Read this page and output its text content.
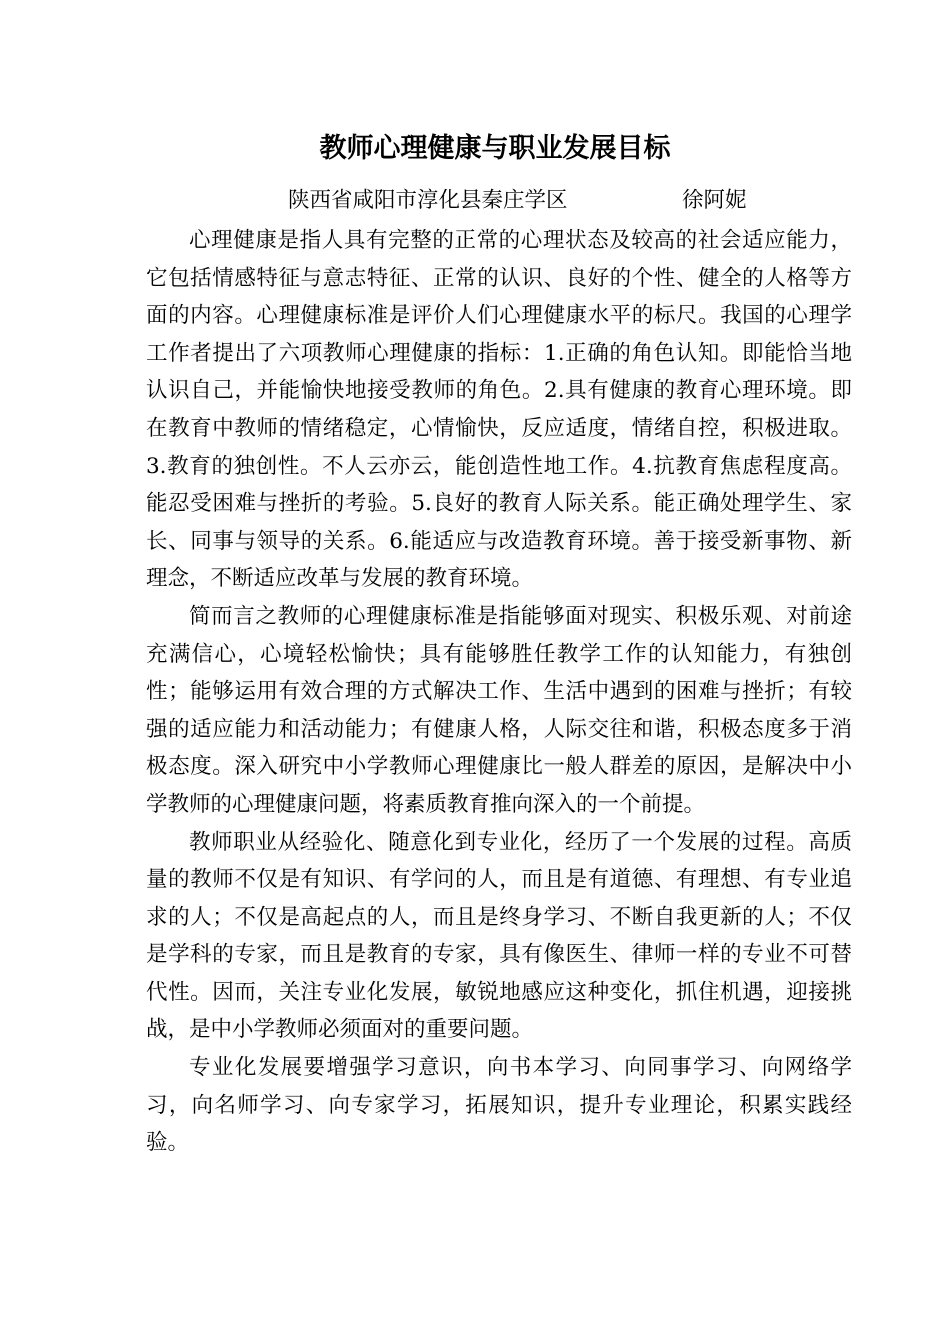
教师心理健康与职业发展目标
陕西省咸阳市淳化县秦庄学区	徐阿妮

心理健康是指人具有完整的正常的心理状态及较高的社会适应能力，它包括情感特征与意志特征、正常的认识、良好的个性、健全的人格等方面的内容。心理健康标准是评价人们心理健康水平的标尺。我国的心理学工作者提出了六项教师心理健康的指标：1.正确的角色认知。即能恰当地认识自己，并能愉快地接受教师的角色。2.具有健康的教育心理环境。即在教育中教师的情绪稳定，心情愉快，反应适度，情绪自控，积极进取。3.教育的独创性。不人云亦云，能创造性地工作。4.抗教育焦虑程度高。能忍受困难与挫折的考验。5.良好的教育人际关系。能正确处理学生、家长、同事与领导的关系。6.能适应与改造教育环境。善于接受新事物、新理念，不断适应改革与发展的教育环境。

简而言之教师的心理健康标准是指能够面对现实、积极乐观、对前途充满信心，心境轻松愉快；具有能够胜任教学工作的认知能力，有独创性；能够运用有效合理的方式解决工作、生活中遇到的困难与挫折；有较强的适应能力和活动能力；有健康人格，人际交往和谐，积极态度多于消极态度。深入研究中小学教师心理健康比一般人群差的原因，是解决中小学教师的心理健康问题，将素质教育推向深入的一个前提。

教师职业从经验化、随意化到专业化，经历了一个发展的过程。高质量的教师不仅是有知识、有学问的人，而且是有道德、有理想、有专业追求的人；不仅是高起点的人，而且是终身学习、不断自我更新的人；不仅是学科的专家，而且是教育的专家，具有像医生、律师一样的专业不可替代性。因而，关注专业化发展，敏锐地感应这种变化，抓住机遇，迎接挑战，是中小学教师必须面对的重要问题。

专业化发展要增强学习意识，向书本学习、向同事学习、向网络学习，向名师学习、向专家学习，拓展知识，提升专业理论，积累实践经验。
